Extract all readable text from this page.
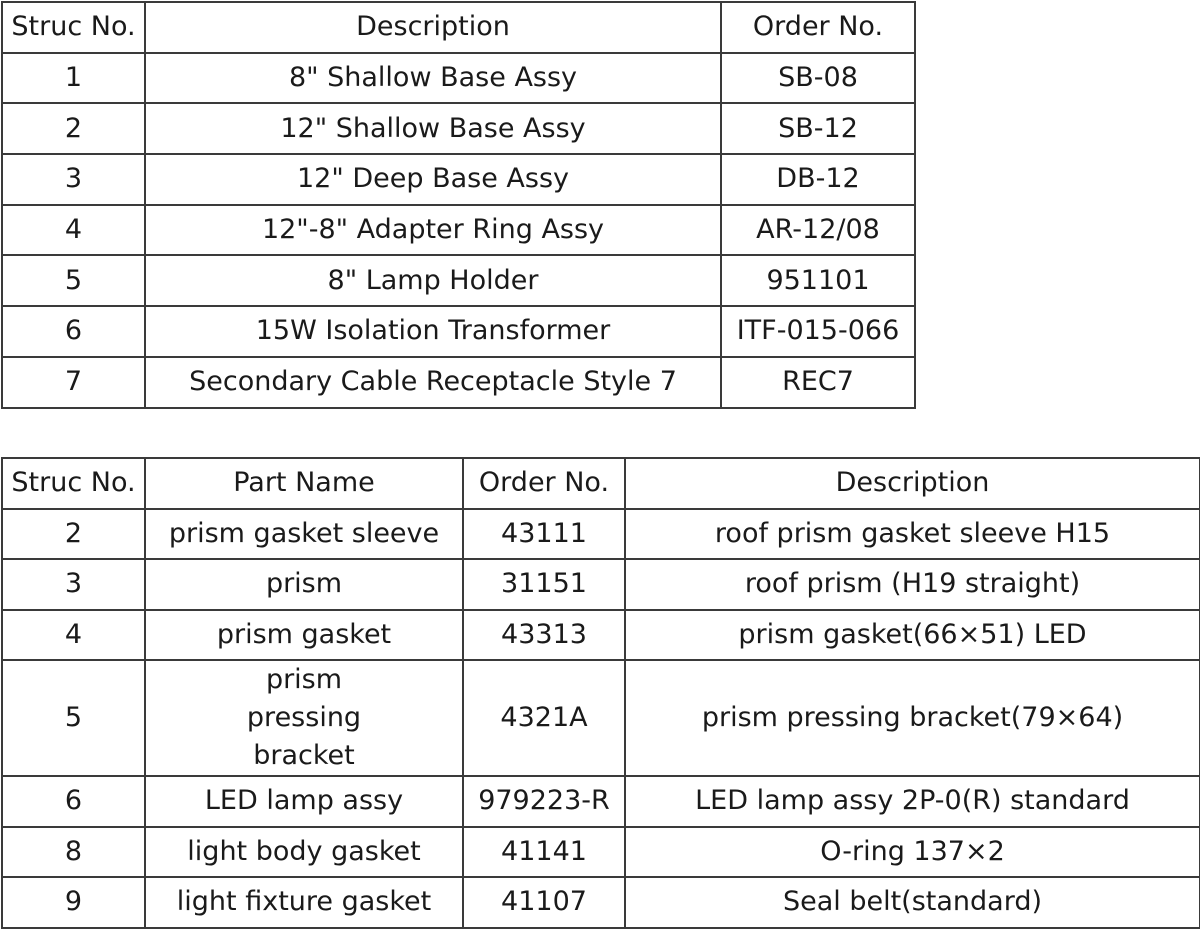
Struc No.	Description	Order No.
1	8" Shallow Base Assy	SB-08
2	12" Shallow Base Assy	SB-12
3	12" Deep Base Assy	DB-12
4	12"-8" Adapter Ring Assy	AR-12/08
5	8" Lamp Holder	951101
6	15W Isolation Transformer	ITF-015-066
7	Secondary Cable Receptacle Style 7	REC7
Struc No.	Part Name	Order No.	Description
2	prism gasket sleeve	43111	roof prism gasket sleeve H15
3	prism	31151	roof prism (H19 straight)
4	prism gasket	43313	prism gasket(66×51) LED
5	prism pressing bracket	4321A	prism pressing bracket(79×64)
6	LED lamp assy	979223-R	LED lamp assy 2P-0(R) standard
8	light body gasket	41141	O-ring 137×2
9	light fixture gasket	41107	Seal belt(standard)
